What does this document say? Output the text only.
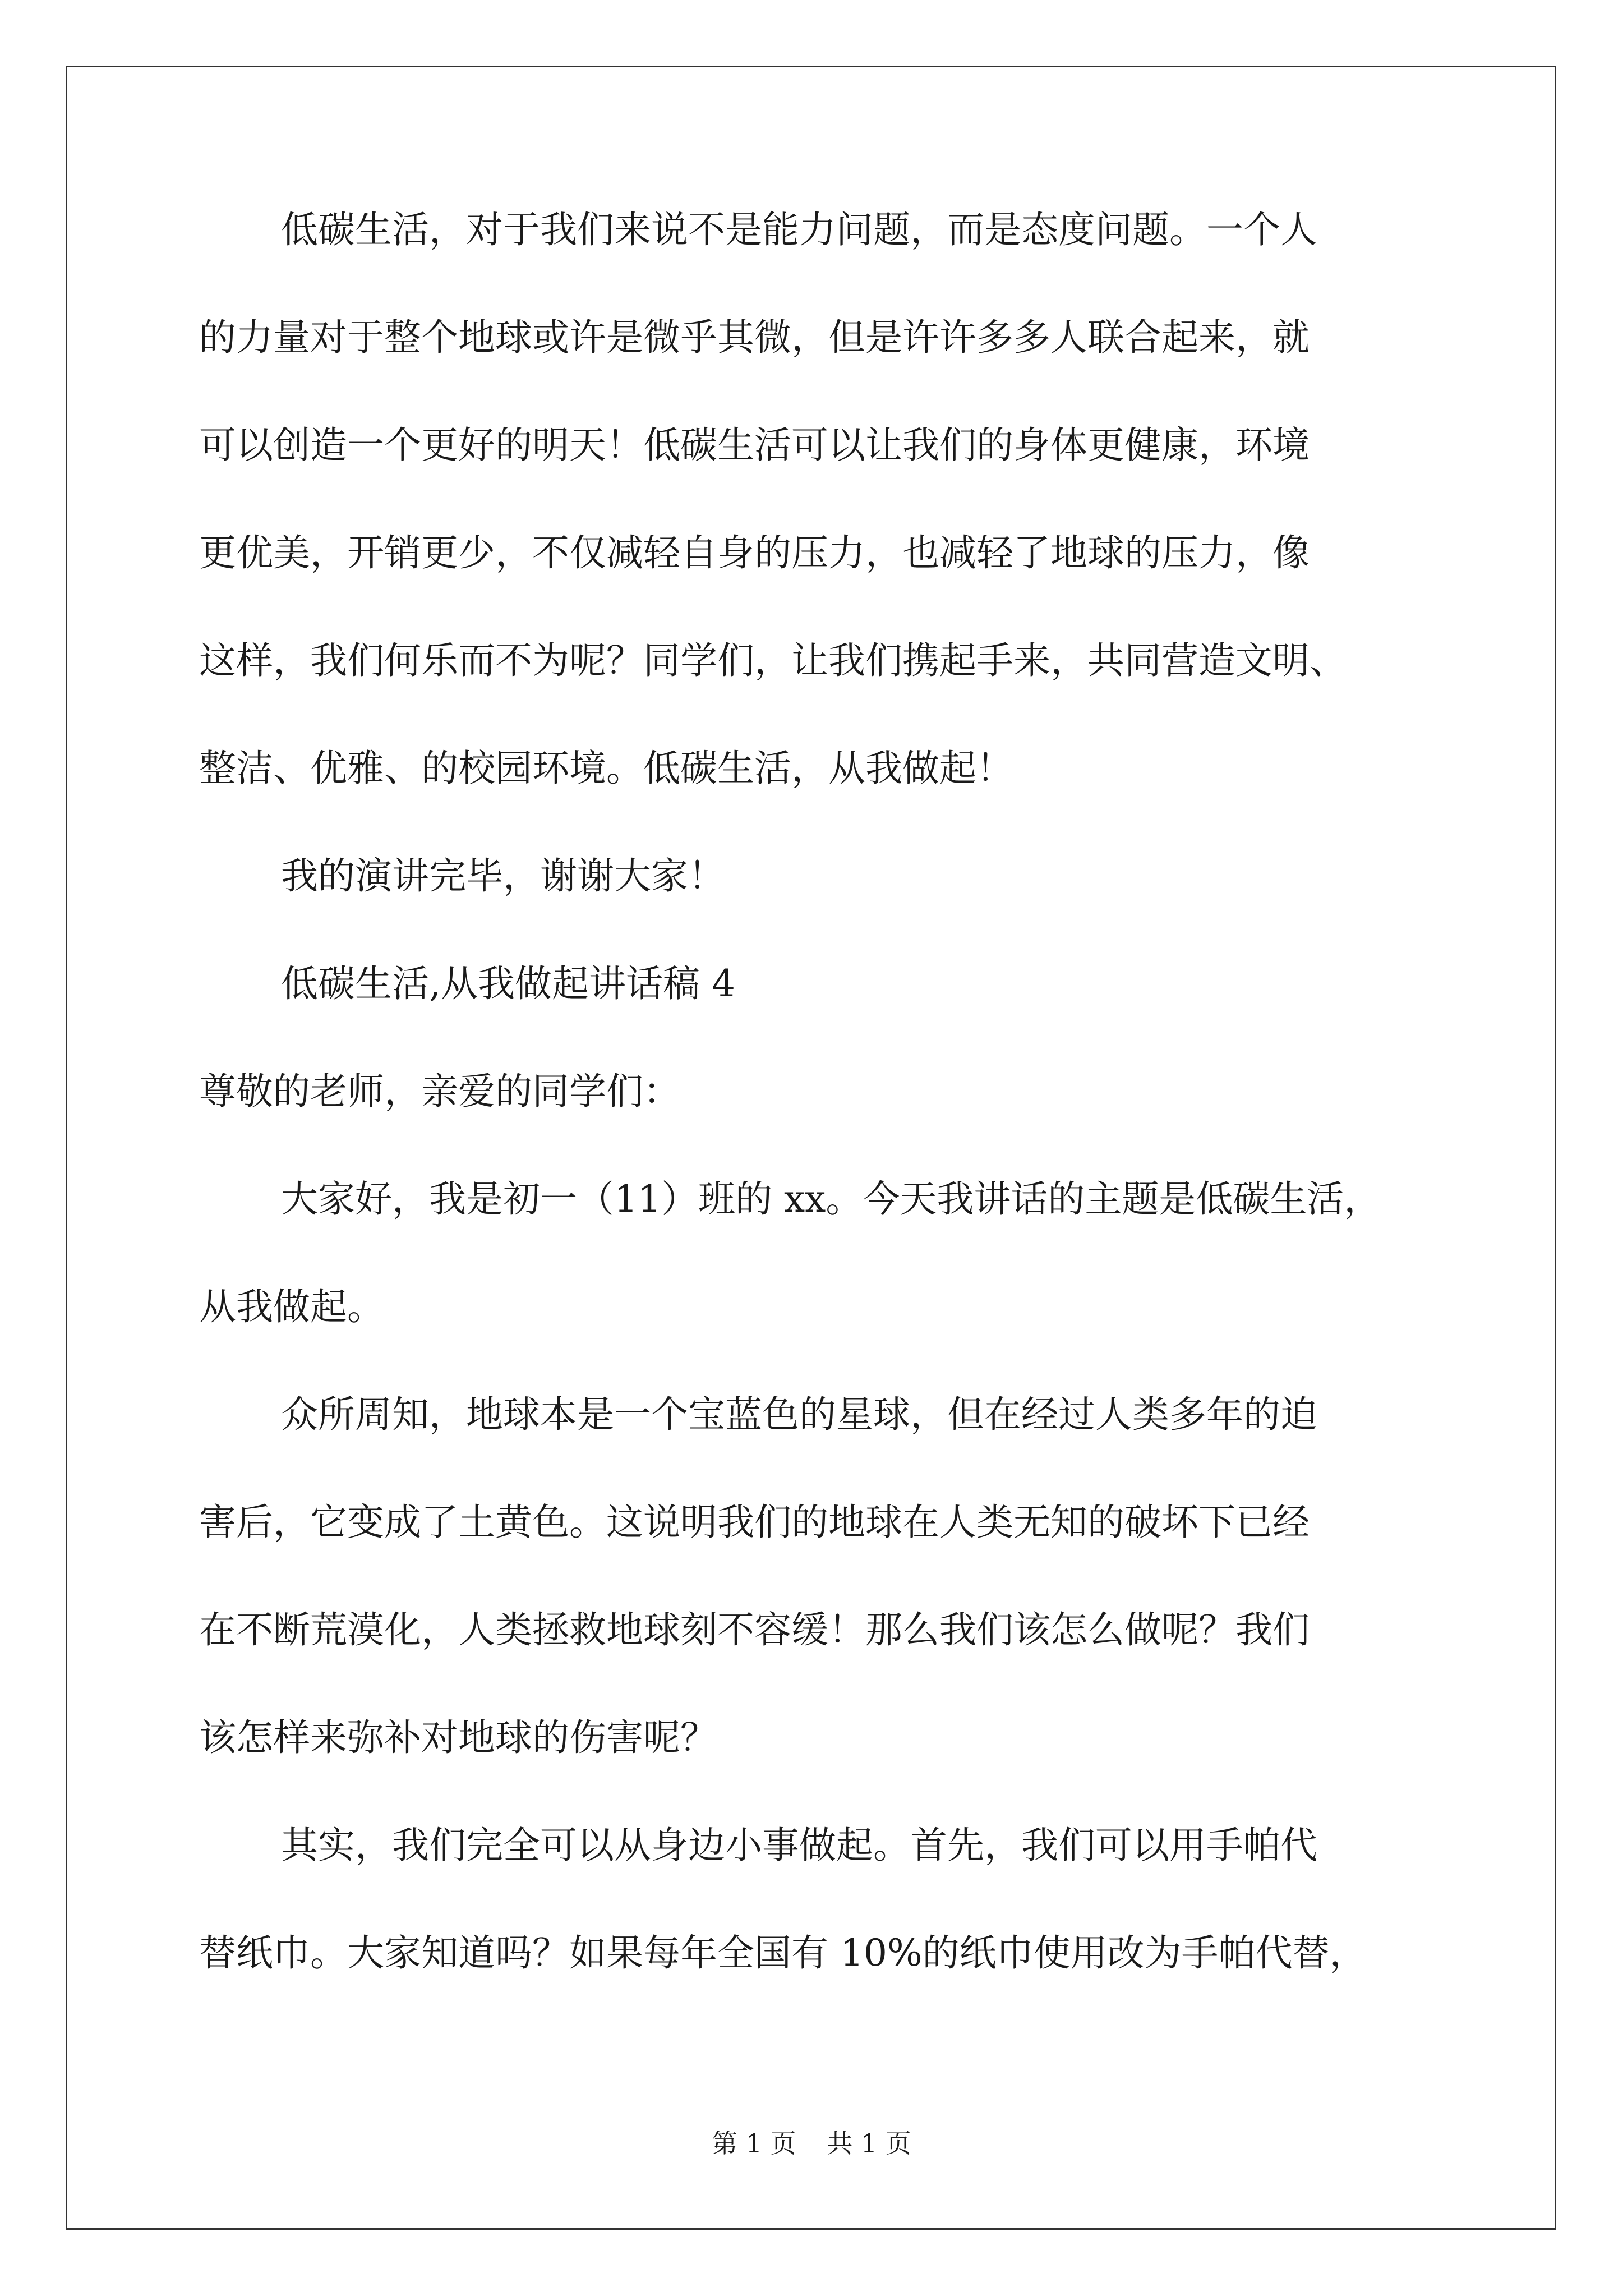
低碳生活，对于我们来说不是能力问题，而是态度问题。一个人
的力量对于整个地球或许是微乎其微，但是许许多多人联合起来，就
可以创造一个更好的明天！低碳生活可以让我们的身体更健康，环境
更优美，开销更少，不仅减轻自身的压力，也减轻了地球的压力，像
这样，我们何乐而不为呢？同学们，让我们携起手来，共同营造文明、
整洁、优雅、的校园环境。低碳生活，从我做起！
我的演讲完毕，谢谢大家！
低碳生活,从我做起讲话稿 4
尊敬的老师，亲爱的同学们：
大家好，我是初一（11）班的 xx。今天我讲话的主题是低碳生活，
从我做起。
众所周知，地球本是一个宝蓝色的星球，但在经过人类多年的迫
害后，它变成了土黄色。这说明我们的地球在人类无知的破坏下已经
在不断荒漠化，人类拯救地球刻不容缓！那么我们该怎么做呢？我们
该怎样来弥补对地球的伤害呢？
其实，我们完全可以从身边小事做起。首先，我们可以用手帕代
替纸巾。大家知道吗？如果每年全国有 10%的纸巾使用改为手帕代替，
第 1 页 共 1 页
